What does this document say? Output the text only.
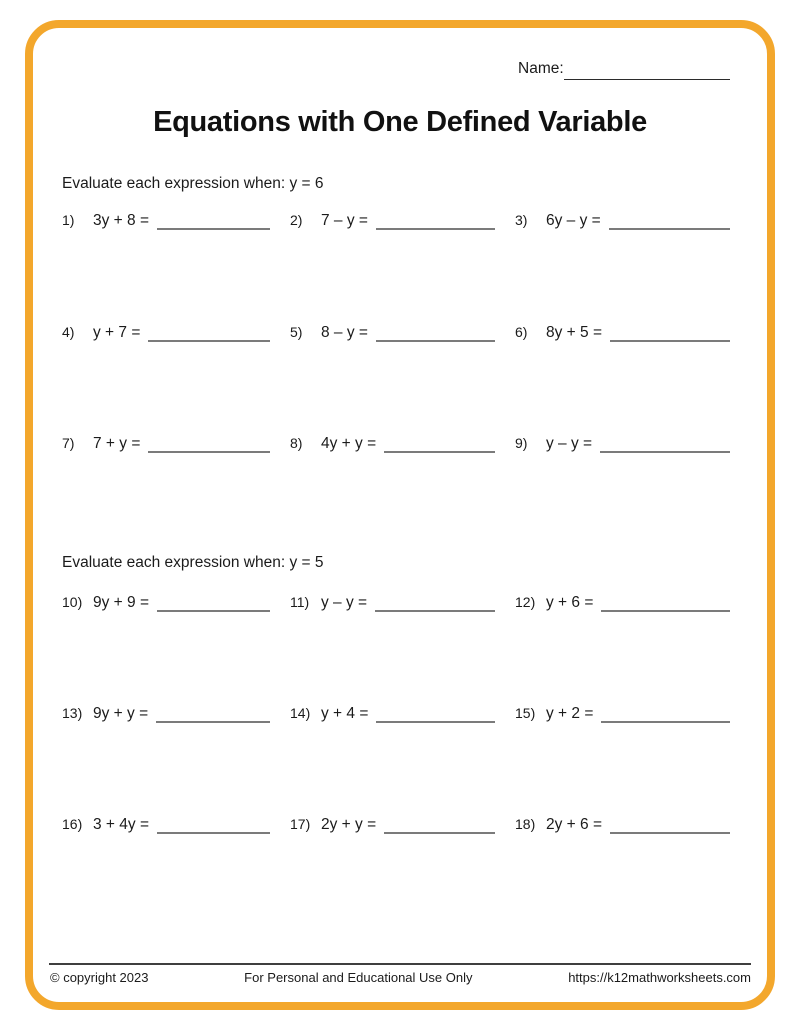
Name:
Equations with One Defined Variable
Evaluate each expression when: y = 6
1)	3y + 8 =	2)	7 – y =	3)	6y – y =
4)	y + 7 =	5)	8 – y =	6)	8y + 5 =
7)	7 + y =	8)	4y + y =	9)	y – y =
Evaluate each expression when: y = 5
10) 9y + 9 =	11) y – y =	12) y + 6 =
13) 9y + y =	14) y + 4 =	15) y + 2 =
16) 3 + 4y =	17) 2y + y =	18) 2y + 6 =
© copyright 2023	For Personal and Educational Use Only	https://k12mathworksheets.com
